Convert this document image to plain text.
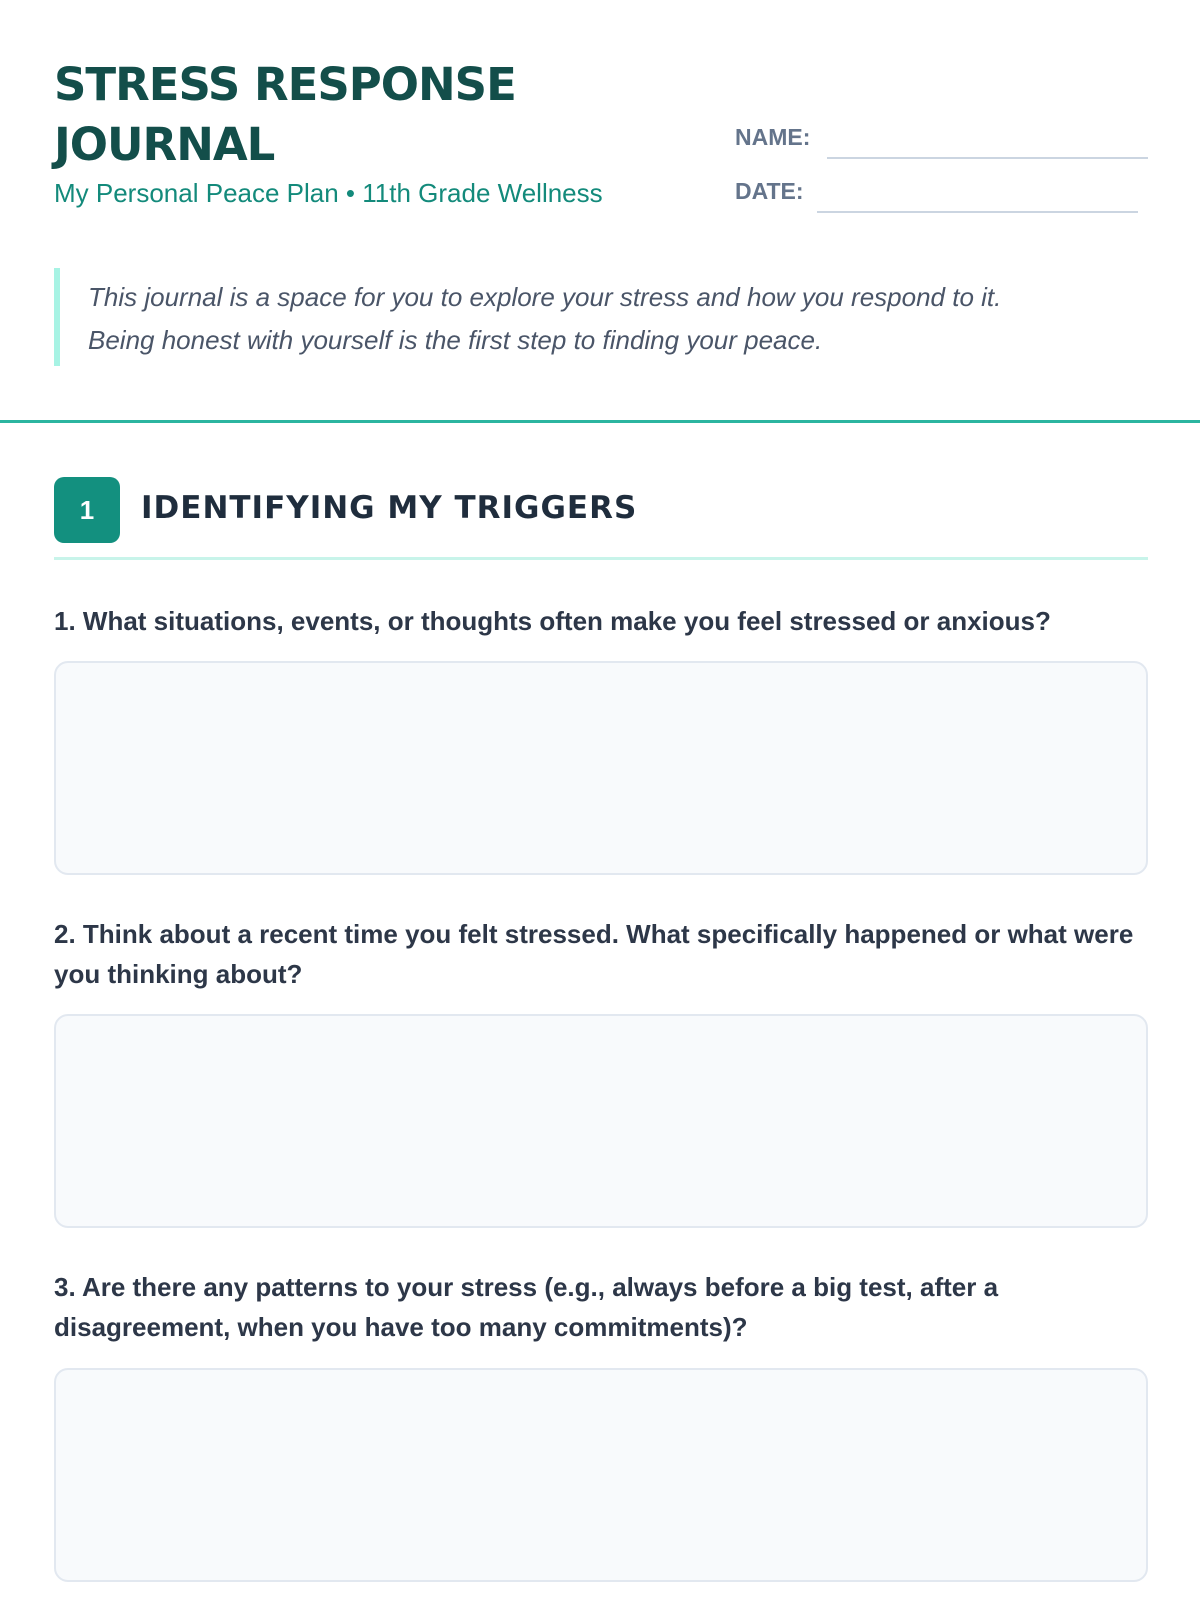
STRESS RESPONSE
JOURNAL
My Personal Peace Plan • 11th Grade Wellness
NAME:
DATE:
This journal is a space for you to explore your stress and how you respond to it.
Being honest with yourself is the first step to finding your peace.
1	IDENTIFYING MY TRIGGERS
1. What situations, events, or thoughts often make you feel stressed or anxious?
2. Think about a recent time you felt stressed. What specifically happened or what were you thinking about?
3. Are there any patterns to your stress (e.g., always before a big test, after a disagreement, when you have too many commitments)?
